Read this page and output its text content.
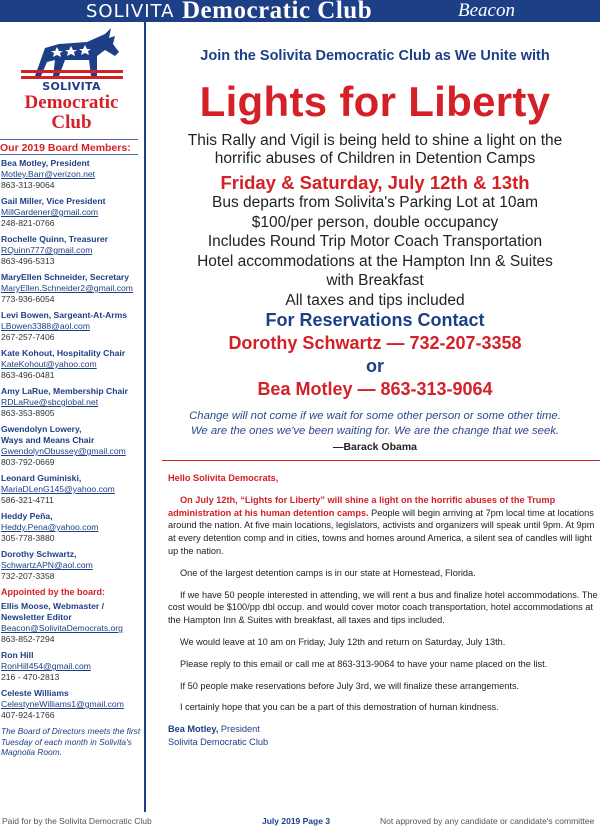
SOLIVITA Democratic Club	Beacon
SOLIVITA
Democratic
Club
Our 2019 Board Members:
Bea Motley, President
Motley.Barr@verizon.net
863-313-9064
Gail Miller, Vice President
MillGardener@gmail.com
248-821-0766
Rochelle Quinn, Treasurer
RQuinn777@gmail.com
863-496-5313
MaryEllen Schneider, Secretary
MaryEllen.Schneider2@gmail.com
773-936-6054
Levi Bowen, Sargeant-At-Arms
LBowen3388@aol.com
267-257-7406
Kate Kohout, Hospitality Chair
KateKohout@yahoo.com
863-496-0481
Amy LaRue, Membership Chair
RDLaRue@sbcglobal.net
863-353-8905
Gwendolyn Lowery,
Ways and Means Chair
GwendolynObussey@gmail.com
803-792-0669
Leonard Guminiski,
MariaDLenG145@yahoo.com
586-321-4711
Heddy Peña,
Heddy.Pena@yahoo.com
305-778-3880
Dorothy Schwartz,
SchwartzAPN@aol.com
732-207-3358
Appointed by the board:
Ellis Moose, Webmaster /
Newsletter Editor
Beacon@SolivitaDemocrats.org
863-852-7294
Ron Hill
RonHill454@gmail.com
216 - 470-2813
Celeste Williams
CelestyneWilliams1@gmail.com
407-924-1766
The Board of Directors meets the first Tuesday of each month in Solivita's Magnolia Room.
Join the Solivita Democratic Club as We Unite with
Lights for Liberty
This Rally and Vigil is being held to shine a light on the
horrific abuses of Children in Detention Camps
Friday & Saturday, July 12th & 13th
Bus departs from Solivita's Parking Lot at 10am
$100/per person, double occupancy
Includes Round Trip Motor Coach Transportation
Hotel accommodations at the Hampton Inn & Suites
with Breakfast
All taxes and tips included
For Reservations Contact
Dorothy Schwartz — 732-207-3358
or
Bea Motley — 863-313-9064
Change will not come if we wait for some other person or some other time.
We are the ones we've been waiting for. We are the change that we seek.
—Barack Obama

Hello Solivita Democrats,

On July 12th, “Lights for Liberty” will shine a light on the horrific abuses of the Trump administration at his human detention camps. People will begin arriving at 7pm local time at locations around the nation. At five main locations, legislators, activists and organizers will speak until 9pm. At 9pm at every detention comp and in cities, towns and homes around America, a silent sea of candles will light up the nation.

One of the largest detention camps is in our state at Homestead, Florida.

If we have 50 people interested in attending, we will rent a bus and finalize hotel accommodations. The cost would be $100/pp dbl occup. and would cover motor coach transportation, hotel accommodations at the Hampton Inn & Suites with breakfast, all taxes and tips included.

We would leave at 10 am on Friday, July 12th and return on Saturday, July 13th.

Please reply to this email or call me at 863-313-9064 to have your name placed on the list.

If 50 people make reservations before July 3rd, we will finalize these arrangements.

I certainly hope that you can be a part of this demostration of human kindness.

Bea Motley, President
Solivita Democratic Club
Paid for by the Solivita Democratic Club	July 2019 Page 3	Not approved by any candidate or candidate's committee
